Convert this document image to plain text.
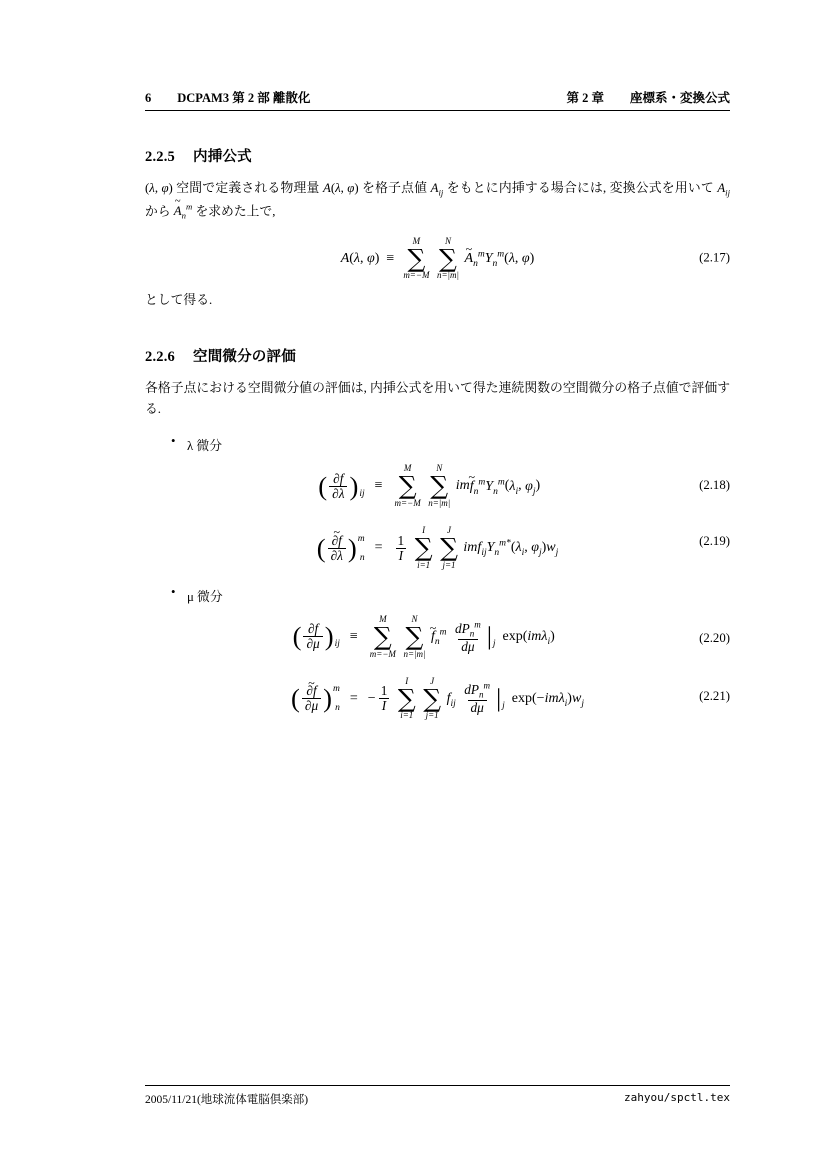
6 DCPAM3 第 2 部 離散化	第 2 章 座標系・変換公式
2.2.5 内挿公式

(λ, φ) 空間で定義される物理量 A(λ, φ) を格子点値 $A_{ij}$ をもとに内挿する場合には, 変換公式を用いて $A_{ij}$ から ~ $A_n^m$ を求めた上で,

A(λ, φ)  ≡
M
∑
m=−M

N
∑
n=|m|
~ $A_n^mY_n^m(\lambda$, φ)	(2.17)

として得る.

2.2.6 空間微分の評価

各格子点における空間微分値の評価は, 内挿公式を用いて得た連続関数の空間微分の格子点値で評価する.

• λ 微分
( $\frac{\partial f}{\partial\lambda}$ ) ij
≡
M
∑
m=−M

N
∑
n=|m|
im~ $f_n^mY_n^m(\lambda_i$, $\varphi_j$)
( ~ $\frac{\partial f}{\partial\lambda}$ ) m
n
= $\frac{1}{I}$

I
∑
i=1

J
∑
j=1
$imf_{ij}Y_n^{m*}(\lambda_i$, $\varphi_j)w_j$
(2.18)
(2.19)
• μ 微分
( $\frac{\partial f}{\partial\mu}$ ) ij
≡
M
∑
m=−M

N
∑
n=|m|
~ $f_n^m \frac{dP_n^m}{d\mu} |_j$ exp(imλ$_i$)
( ~ $\frac{\partial f}{\partial\mu}$ ) m
n
= − $\frac{1}{I}$

I
∑
i=1

J
∑
j=1
$f_{ij} \frac{dP_n^m}{d\mu} |_j$ $\exp(-im\lambda_i)w_j$
(2.20)
(2.21)
2005/11/21(地球流体電脳倶楽部)	zahyou/spctl.tex
